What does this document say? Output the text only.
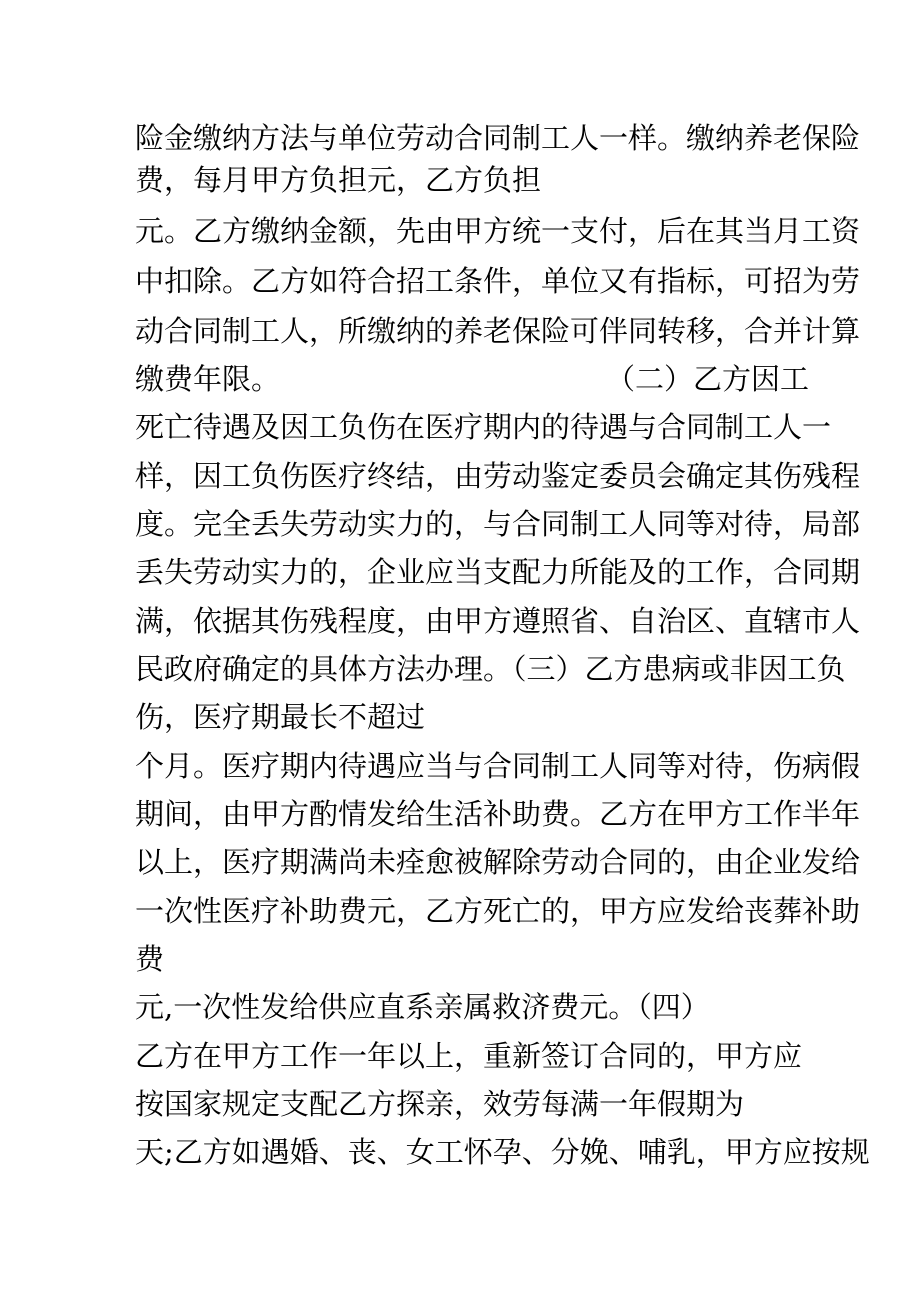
险金缴纳方法与单位劳动合同制工人一样。缴纳养老保险
费，每月甲方负担元，乙方负担
元。乙方缴纳金额，先由甲方统一支付，后在其当月工资
中扣除。乙方如符合招工条件，单位又有指标，可招为劳
动合同制工人，所缴纳的养老保险可伴同转移，合并计算
缴费年限。	（二）乙方因工
死亡待遇及因工负伤在医疗期内的待遇与合同制工人一
样，因工负伤医疗终结，由劳动鉴定委员会确定其伤残程
度。完全丢失劳动实力的，与合同制工人同等对待，局部
丢失劳动实力的，企业应当支配力所能及的工作，合同期
满，依据其伤残程度，由甲方遵照省、自治区、直辖市人
民政府确定的具体方法办理。（三）乙方患病或非因工负
伤，医疗期最长不超过
个月。医疗期内待遇应当与合同制工人同等对待，伤病假
期间，由甲方酌情发给生活补助费。乙方在甲方工作半年
以上，医疗期满尚未痊愈被解除劳动合同的，由企业发给
一次性医疗补助费元，乙方死亡的，甲方应发给丧葬补助
费
元,一次性发给供应直系亲属救济费元。（四）
乙方在甲方工作一年以上，重新签订合同的，甲方应
按国家规定支配乙方探亲，效劳每满一年假期为
天;乙方如遇婚、丧、女工怀孕、分娩、哺乳，甲方应按规
